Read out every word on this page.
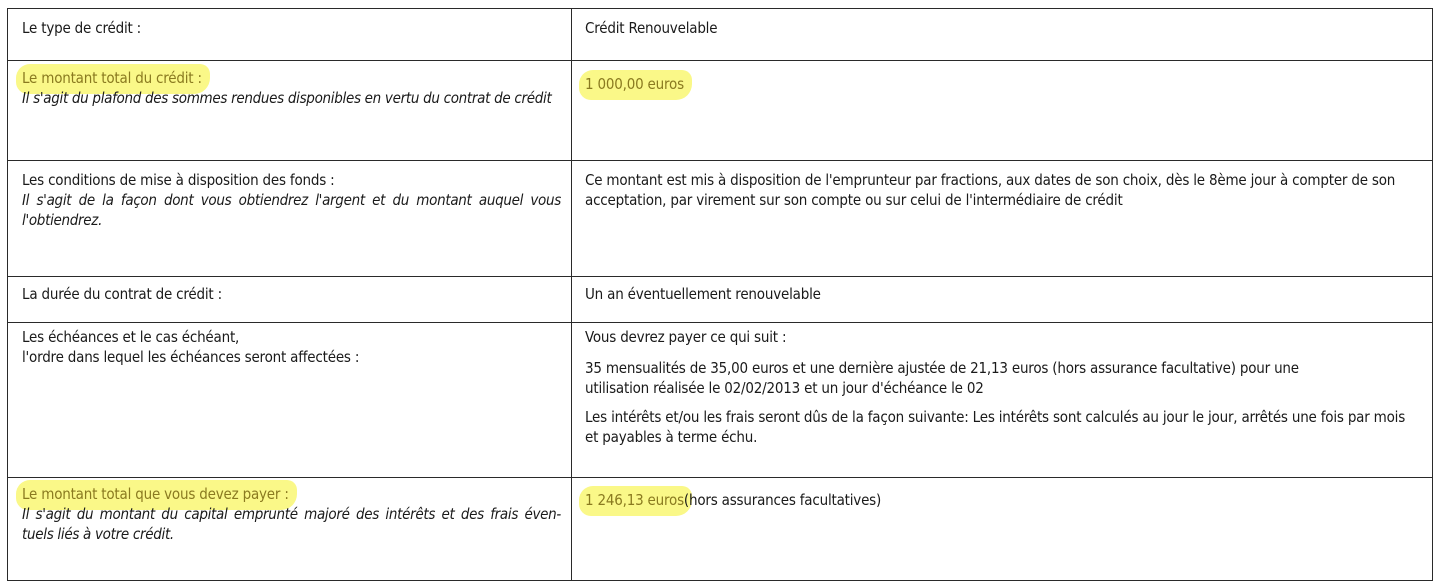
Le type de crédit :	Crédit Renouvelable

Le montant total du crédit :
Il s'agit du plafond des sommes rendues disponibles en vertu du contrat de crédit	1 000,00 euros

Les conditions de mise à disposition des fonds :
Il s'agit de la façon dont vous obtiendrez l'argent et du montant auquel vous l'obtiendrez.	Ce montant est mis à disposition de l'emprunteur par fractions, aux dates de son choix, dès le 8ème jour à compter de son acceptation, par virement sur son compte ou sur celui de l'intermédiaire de crédit

La durée du contrat de crédit :	Un an éventuellement renouvelable

Les échéances et le cas échéant,
l'ordre dans lequel les échéances seront affectées :	Vous devrez payer ce qui suit :
35 mensualités de 35,00 euros et une dernière ajustée de 21,13 euros (hors assurance facultative) pour une
utilisation réalisée le 02/02/2013 et un jour d'échéance le 02
Les intérêts et/ou les frais seront dûs de la façon suivante: Les intérêts sont calculés au jour le jour, arrêtés une fois par mois et payables à terme échu.

Le montant total que vous devez payer :
Il s'agit du montant du capital emprunté majoré des intérêts et des frais éven-tuels liés à votre crédit.	1 246,13 euros(hors assurances facultatives)
